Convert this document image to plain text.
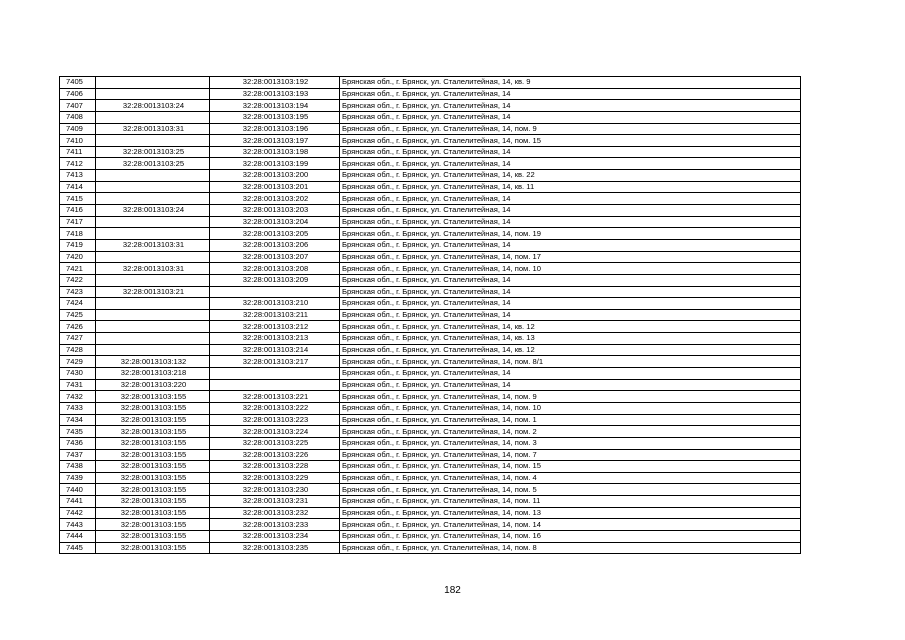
7405		32:28:0013103:192	Брянская обл., г. Брянск, ул. Сталелитейная, 14, кв. 9
7406		32:28:0013103:193	Брянская обл., г. Брянск, ул. Сталелитейная, 14
7407	32:28:0013103:24	32:28:0013103:194	Брянская обл., г. Брянск, ул. Сталелитейная, 14
7408		32:28:0013103:195	Брянская обл., г. Брянск, ул. Сталелитейная, 14
7409	32:28:0013103:31	32:28:0013103:196	Брянская обл., г. Брянск, ул. Сталелитейная, 14, пом. 9
7410		32:28:0013103:197	Брянская обл., г. Брянск, ул. Сталелитейная, 14, пом. 15
7411	32:28:0013103:25	32:28:0013103:198	Брянская обл., г. Брянск, ул. Сталелитейная, 14
7412	32:28:0013103:25	32:28:0013103:199	Брянская обл., г. Брянск, ул. Сталелитейная, 14
7413		32:28:0013103:200	Брянская обл., г. Брянск, ул. Сталелитейная, 14, кв. 22
7414		32:28:0013103:201	Брянская обл., г. Брянск, ул. Сталелитейная, 14, кв. 11
7415		32:28:0013103:202	Брянская обл., г. Брянск, ул. Сталелитейная, 14
7416	32:28:0013103:24	32:28:0013103:203	Брянская обл., г. Брянск, ул. Сталелитейная, 14
7417		32:28:0013103:204	Брянская обл., г. Брянск, ул. Сталелитейная, 14
7418		32:28:0013103:205	Брянская обл., г. Брянск, ул. Сталелитейная, 14, пом. 19
7419	32:28:0013103:31	32:28:0013103:206	Брянская обл., г. Брянск, ул. Сталелитейная, 14
7420		32:28:0013103:207	Брянская обл., г. Брянск, ул. Сталелитейная, 14, пом. 17
7421	32:28:0013103:31	32:28:0013103:208	Брянская обл., г. Брянск, ул. Сталелитейная, 14, пом. 10
7422		32:28:0013103:209	Брянская обл., г. Брянск, ул. Сталелитейная, 14
7423	32:28:0013103:21		Брянская обл., г. Брянск, ул. Сталелитейная, 14
7424		32:28:0013103:210	Брянская обл., г. Брянск, ул. Сталелитейная, 14
7425		32:28:0013103:211	Брянская обл., г. Брянск, ул. Сталелитейная, 14
7426		32:28:0013103:212	Брянская обл., г. Брянск, ул. Сталелитейная, 14, кв. 12
7427		32:28:0013103:213	Брянская обл., г. Брянск, ул. Сталелитейная, 14, кв. 13
7428		32:28:0013103:214	Брянская обл., г. Брянск, ул. Сталелитейная, 14, кв. 12
7429	32:28:0013103:132	32:28:0013103:217	Брянская обл., г. Брянск, ул. Сталелитейная, 14, пом. 8/1
7430	32:28:0013103:218		Брянская обл., г. Брянск, ул. Сталелитейная, 14
7431	32:28:0013103:220		Брянская обл., г. Брянск, ул. Сталелитейная, 14
7432	32:28:0013103:155	32:28:0013103:221	Брянская обл., г. Брянск, ул. Сталелитейная, 14, пом. 9
7433	32:28:0013103:155	32:28:0013103:222	Брянская обл., г. Брянск, ул. Сталелитейная, 14, пом. 10
7434	32:28:0013103:155	32:28:0013103:223	Брянская обл., г. Брянск, ул. Сталелитейная, 14, пом. 1
7435	32:28:0013103:155	32:28:0013103:224	Брянская обл., г. Брянск, ул. Сталелитейная, 14, пом. 2
7436	32:28:0013103:155	32:28:0013103:225	Брянская обл., г. Брянск, ул. Сталелитейная, 14, пом. 3
7437	32:28:0013103:155	32:28:0013103:226	Брянская обл., г. Брянск, ул. Сталелитейная, 14, пом. 7
7438	32:28:0013103:155	32:28:0013103:228	Брянская обл., г. Брянск, ул. Сталелитейная, 14, пом. 15
7439	32:28:0013103:155	32:28:0013103:229	Брянская обл., г. Брянск, ул. Сталелитейная, 14, пом. 4
7440	32:28:0013103:155	32:28:0013103:230	Брянская обл., г. Брянск, ул. Сталелитейная, 14, пом. 5
7441	32:28:0013103:155	32:28:0013103:231	Брянская обл., г. Брянск, ул. Сталелитейная, 14, пом. 11
7442	32:28:0013103:155	32:28:0013103:232	Брянская обл., г. Брянск, ул. Сталелитейная, 14, пом. 13
7443	32:28:0013103:155	32:28:0013103:233	Брянская обл., г. Брянск, ул. Сталелитейная, 14, пом. 14
7444	32:28:0013103:155	32:28:0013103:234	Брянская обл., г. Брянск, ул. Сталелитейная, 14, пом. 16
7445	32:28:0013103:155	32:28:0013103:235	Брянская обл., г. Брянск, ул. Сталелитейная, 14, пом. 8
182
